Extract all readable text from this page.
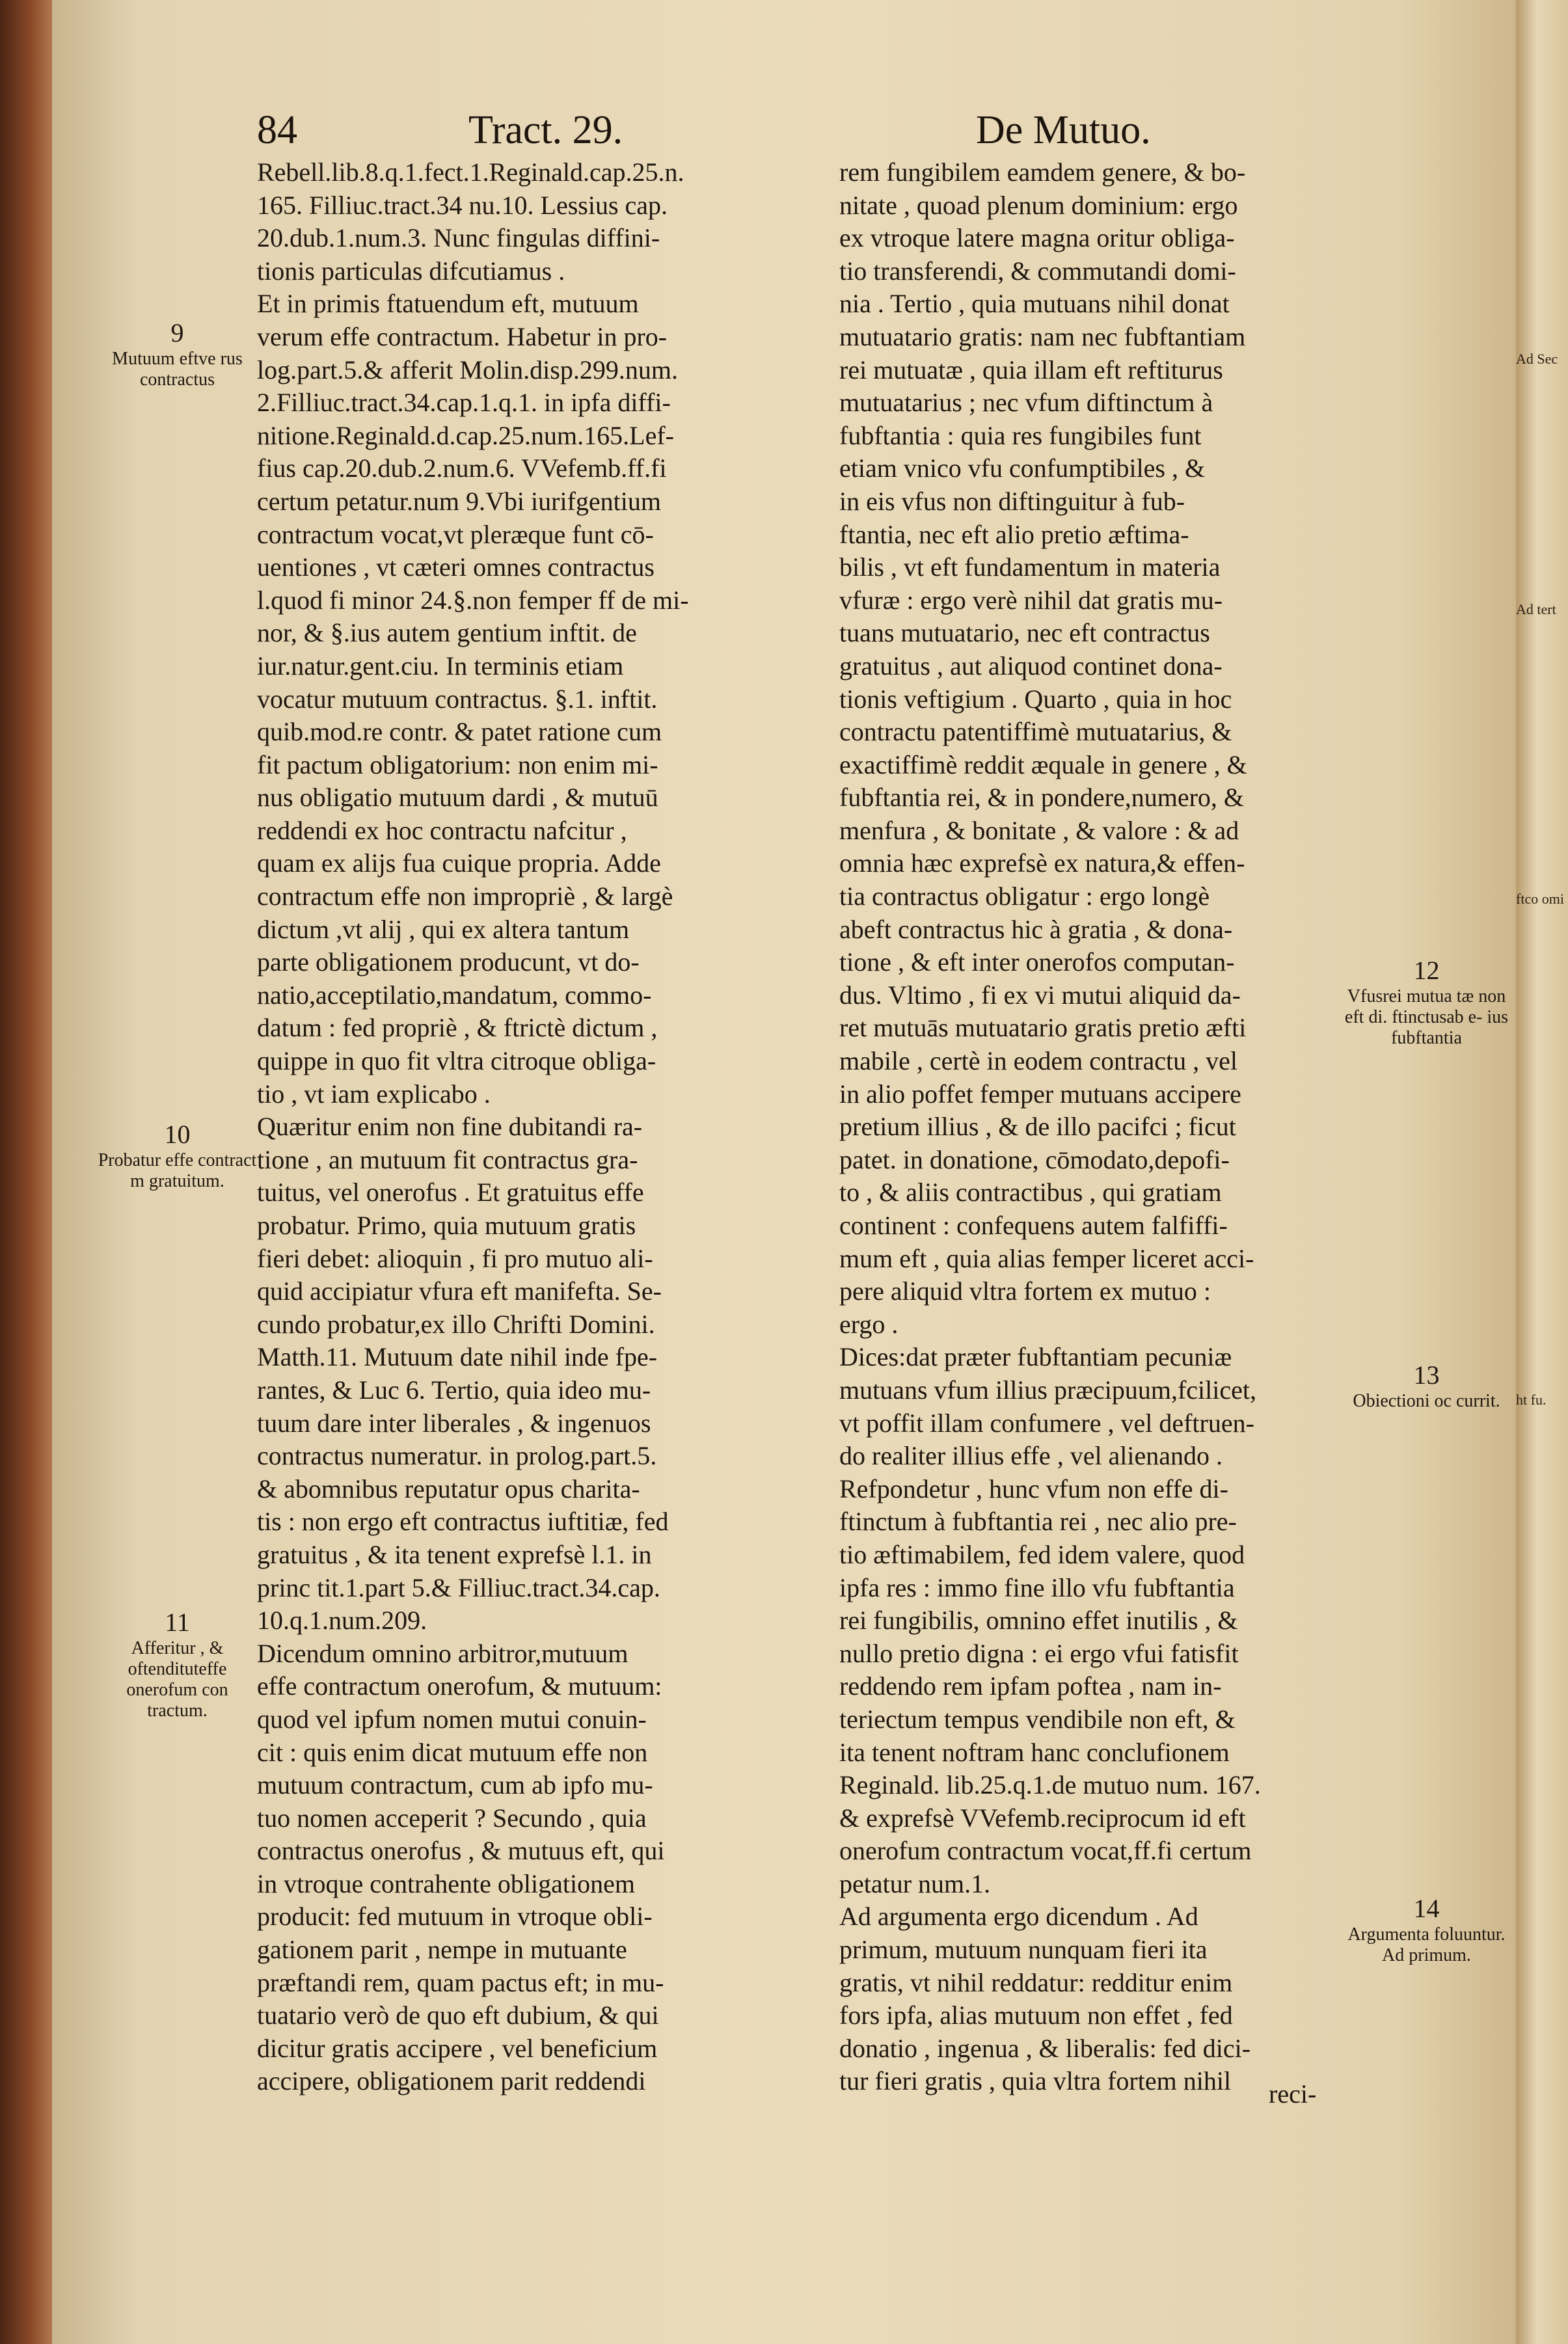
Ad Sec
Ad tert
ftco omi
ht fu.
84	Tract. 29.	De Mutuo.
Rebell.lib.8.q.1.fect.1.Reginald.cap.25.n.
165. Filliuc.tract.34 nu.10. Lessius cap.
20.dub.1.num.3. Nunc fingulas diffini-
tionis particulas difcutiamus .
Et in primis ftatuendum eft, mutuum
verum effe contractum. Habetur in pro-
log.part.5.& afferit Molin.disp.299.num.
2.Filliuc.tract.34.cap.1.q.1. in ipfa diffi-
nitione.Reginald.d.cap.25.num.165.Lef-
fius cap.20.dub.2.num.6. VVefemb.ff.fi
certum petatur.num 9.Vbi iurifgentium
contractum vocat,vt pleræque funt cō-
uentiones , vt cæteri omnes contractus
l.quod fi minor 24.§.non femper ff de mi-
nor, & §.ius autem gentium inftit. de
iur.natur.gent.ciu. In terminis etiam
vocatur mutuum contractus. §.1. inftit.
quib.mod.re contr. & patet ratione cum
fit pactum obligatorium: non enim mi-
nus obligatio mutuum dardi , & mutuū
reddendi ex hoc contractu nafcitur ,
quam ex alijs fua cuique propria. Adde
contractum effe non impropriè , & largè
dictum ,vt alij , qui ex altera tantum
parte obligationem producunt, vt do-
natio,acceptilatio,mandatum, commo-
datum : fed propriè , & ftrictè dictum ,
quippe in quo fit vltra citroque obliga-
tio , vt iam explicabo .
Quæritur enim non fine dubitandi ra-
tione , an mutuum fit contractus gra-
tuitus, vel onerofus . Et gratuitus effe
probatur. Primo, quia mutuum gratis
fieri debet: alioquin , fi pro mutuo ali-
quid accipiatur vfura eft manifefta. Se-
cundo probatur,ex illo Chrifti Domini.
Matth.11. Mutuum date nihil inde fpe-
rantes, & Luc 6. Tertio, quia ideo mu-
tuum dare inter liberales , & ingenuos
contractus numeratur. in prolog.part.5.
& abomnibus reputatur opus charita-
tis : non ergo eft contractus iuftitiæ, fed
gratuitus , & ita tenent exprefsè l.1. in
princ tit.1.part 5.& Filliuc.tract.34.cap.
10.q.1.num.209.
Dicendum omnino arbitror,mutuum
effe contractum onerofum, & mutuum:
quod vel ipfum nomen mutui conuin-
cit : quis enim dicat mutuum effe non
mutuum contractum, cum ab ipfo mu-
tuo nomen acceperit ? Secundo , quia
contractus onerofus , & mutuus eft, qui
in vtroque contrahente obligationem
producit: fed mutuum in vtroque obli-
gationem parit , nempe in mutuante
præftandi rem, quam pactus eft; in mu-
tuatario verò de quo eft dubium, & qui
dicitur gratis accipere , vel beneficium
accipere, obligationem parit reddendi
rem fungibilem eamdem genere, & bo-
nitate , quoad plenum dominium: ergo
ex vtroque latere magna oritur obliga-
tio transferendi, & commutandi domi-
nia . Tertio , quia mutuans nihil donat
mutuatario gratis: nam nec fubftantiam
rei mutuatæ , quia illam eft reftiturus
mutuatarius ; nec vfum diftinctum à
fubftantia : quia res fungibiles funt
etiam vnico vfu confumptibiles , &
in eis vfus non diftinguitur à fub-
ftantia, nec eft alio pretio æftima-
bilis , vt eft fundamentum in materia
vfuræ : ergo verè nihil dat gratis mu-
tuans mutuatario, nec eft contractus
gratuitus , aut aliquod continet dona-
tionis veftigium . Quarto , quia in hoc
contractu patentiffimè mutuatarius, &
exactiffimè reddit æquale in genere , &
fubftantia rei, & in pondere,numero, &
menfura , & bonitate , & valore : & ad
omnia hæc exprefsè ex natura,& effen-
tia contractus obligatur : ergo longè
abeft contractus hic à gratia , & dona-
tione , & eft inter onerofos computan-
dus. Vltimo , fi ex vi mutui aliquid da-
ret mutuās mutuatario gratis pretio æfti
mabile , certè in eodem contractu , vel
in alio poffet femper mutuans accipere
pretium illius , & de illo pacifci ; ficut
patet. in donatione, cōmodato,depofi-
to , & aliis contractibus , qui gratiam
continent : confequens autem falfiffi-
mum eft , quia alias femper liceret acci-
pere aliquid vltra fortem ex mutuo :
ergo .
Dices:dat præter fubftantiam pecuniæ
mutuans vfum illius præcipuum,fcilicet,
vt poffit illam confumere , vel deftruen-
do realiter illius effe , vel alienando .
Refpondetur , hunc vfum non effe di-
ftinctum à fubftantia rei , nec alio pre-
tio æftimabilem, fed idem valere, quod
ipfa res : immo fine illo vfu fubftantia
rei fungibilis, omnino effet inutilis , &
nullo pretio digna : ei ergo vfui fatisfit
reddendo rem ipfam poftea , nam in-
teriectum tempus vendibile non eft, &
ita tenent noftram hanc conclufionem
Reginald. lib.25.q.1.de mutuo num. 167.
& exprefsè VVefemb.reciprocum id eft
onerofum contractum vocat,ff.fi certum
petatur num.1.
Ad argumenta ergo dicendum . Ad
primum, mutuum nunquam fieri ita
gratis, vt nihil reddatur: redditur enim
fors ipfa, alias mutuum non effet , fed
donatio , ingenua , & liberalis: fed dici-
tur fieri gratis , quia vltra fortem nihil
9
Mutuum eftve rus contractus
10
Probatur effe contract m gratuitum.
11
Afferitur , & oftendituteffe onerofum con tractum.
12
Vfusrei mutua tæ non eft di. ftinctusab e- ius fubftantia
13
Obiectioni oc currit.
14
Argumenta foluuntur. Ad primum.
reci-
